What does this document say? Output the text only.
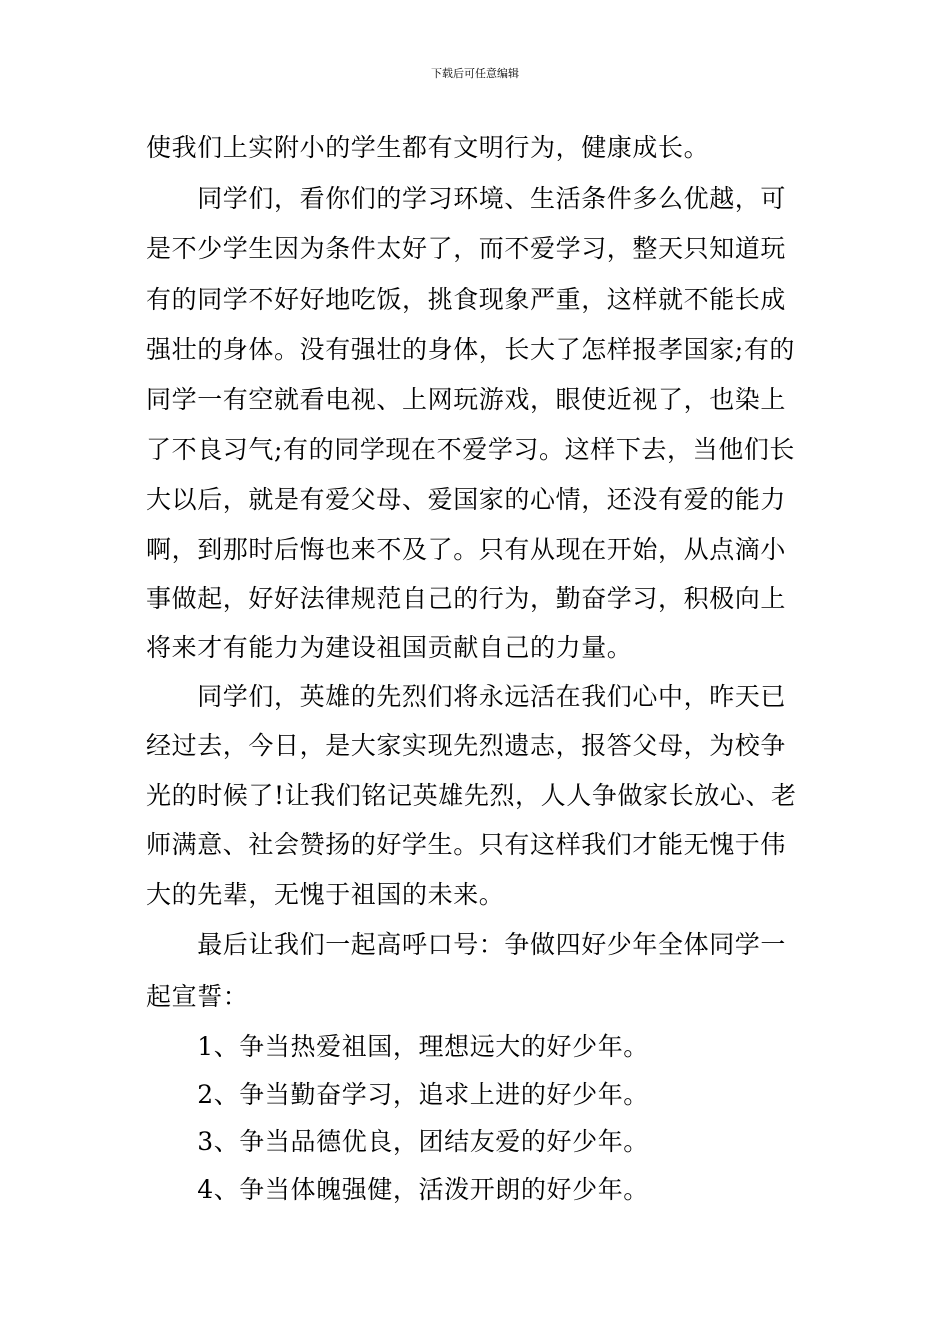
下载后可任意编辑
使我们上实附小的学生都有文明行为，健康成长。
　　同学们，看你们的学习环境、生活条件多么优越，可
是不少学生因为条件太好了，而不爱学习，整天只知道玩
有的同学不好好地吃饭，挑食现象严重，这样就不能长成
强壮的身体。没有强壮的身体，长大了怎样报孝国家;有的
同学一有空就看电视、上网玩游戏，眼使近视了，也染上
了不良习气;有的同学现在不爱学习。这样下去，当他们长
大以后，就是有爱父母、爱国家的心情，还没有爱的能力
啊，到那时后悔也来不及了。只有从现在开始，从点滴小
事做起，好好法律规范自己的行为，勤奋学习，积极向上
将来才有能力为建设祖国贡献自己的力量。
　　同学们，英雄的先烈们将永远活在我们心中，昨天已
经过去，今日，是大家实现先烈遗志，报答父母，为校争
光的时候了!让我们铭记英雄先烈，人人争做家长放心、老
师满意、社会赞扬的好学生。只有这样我们才能无愧于伟
大的先辈，无愧于祖国的未来。
　　最后让我们一起高呼口号：争做四好少年全体同学一
起宣誓：
　　1、争当热爱祖国，理想远大的好少年。
　　2、争当勤奋学习，追求上进的好少年。
　　3、争当品德优良，团结友爱的好少年。
　　4、争当体魄强健，活泼开朗的好少年。
